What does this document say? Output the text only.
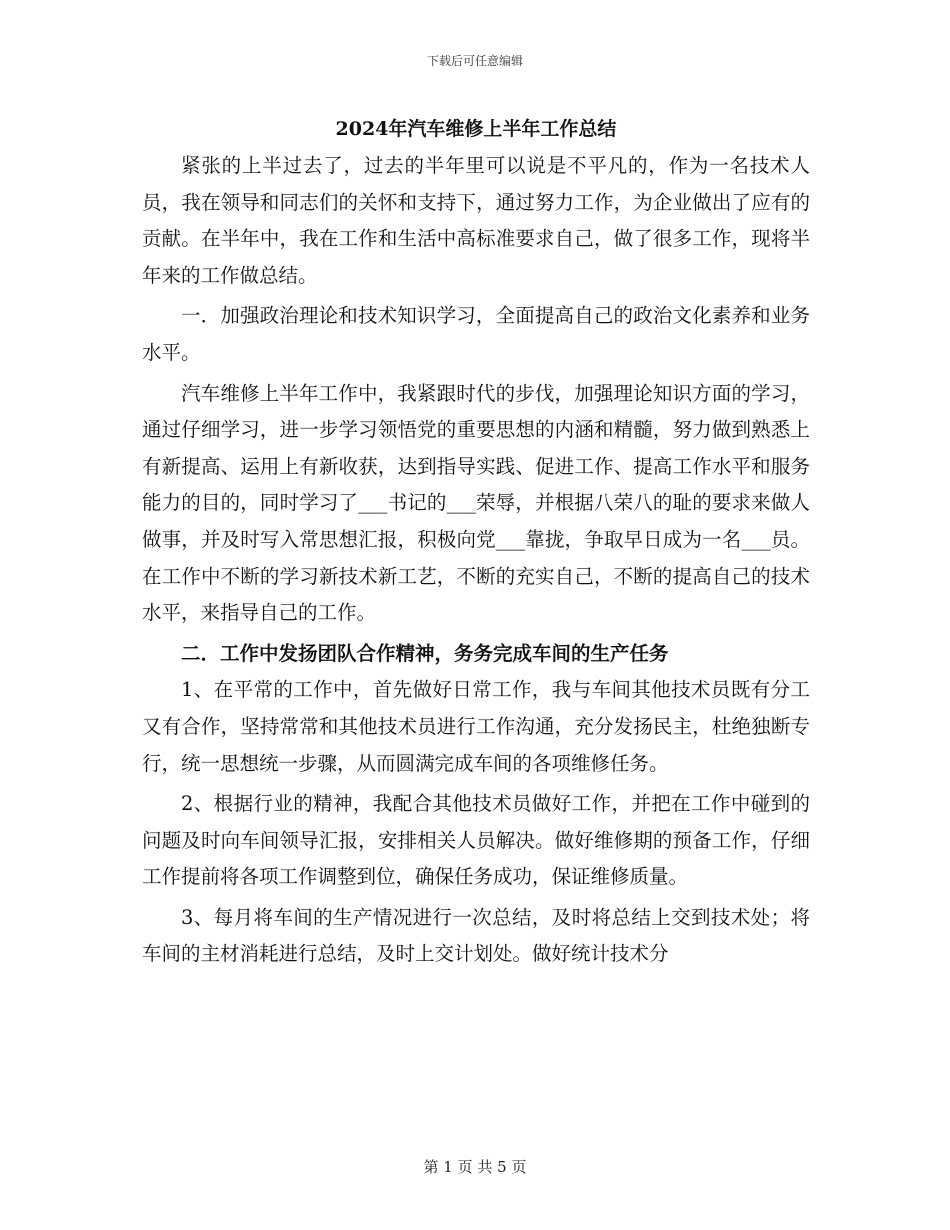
下载后可任意编辑
2024年汽车维修上半年工作总结

紧张的上半过去了，过去的半年里可以说是不平凡的，作为一名技术人员，我在领导和同志们的关怀和支持下，通过努力工作，为企业做出了应有的贡献。在半年中，我在工作和生活中高标准要求自己，做了很多工作，现将半年来的工作做总结。

一．加强政治理论和技术知识学习，全面提高自己的政治文化素养和业务水平。

汽车维修上半年工作中，我紧跟时代的步伐，加强理论知识方面的学习，通过仔细学习，进一步学习领悟党的重要思想的内涵和精髓，努力做到熟悉上有新提高、运用上有新收获，达到指导实践、促进工作、提高工作水平和服务能力的目的，同时学习了___书记的___荣辱，并根据八荣八的耻的要求来做人做事，并及时写入常思想汇报，积极向党___靠拢，争取早日成为一名___员。在工作中不断的学习新技术新工艺，不断的充实自己，不断的提高自己的技术水平，来指导自己的工作。

二．工作中发扬团队合作精神，务务完成车间的生产任务

1、在平常的工作中，首先做好日常工作，我与车间其他技术员既有分工又有合作，坚持常常和其他技术员进行工作沟通，充分发扬民主，杜绝独断专行，统一思想统一步骤，从而圆满完成车间的各项维修任务。

2、根据行业的精神，我配合其他技术员做好工作，并把在工作中碰到的问题及时向车间领导汇报，安排相关人员解决。做好维修期的预备工作，仔细工作提前将各项工作调整到位，确保任务成功，保证维修质量。

3、每月将车间的生产情况进行一次总结，及时将总结上交到技术处；将车间的主材消耗进行总结，及时上交计划处。做好统计技术分

第 1 页 共 5 页
